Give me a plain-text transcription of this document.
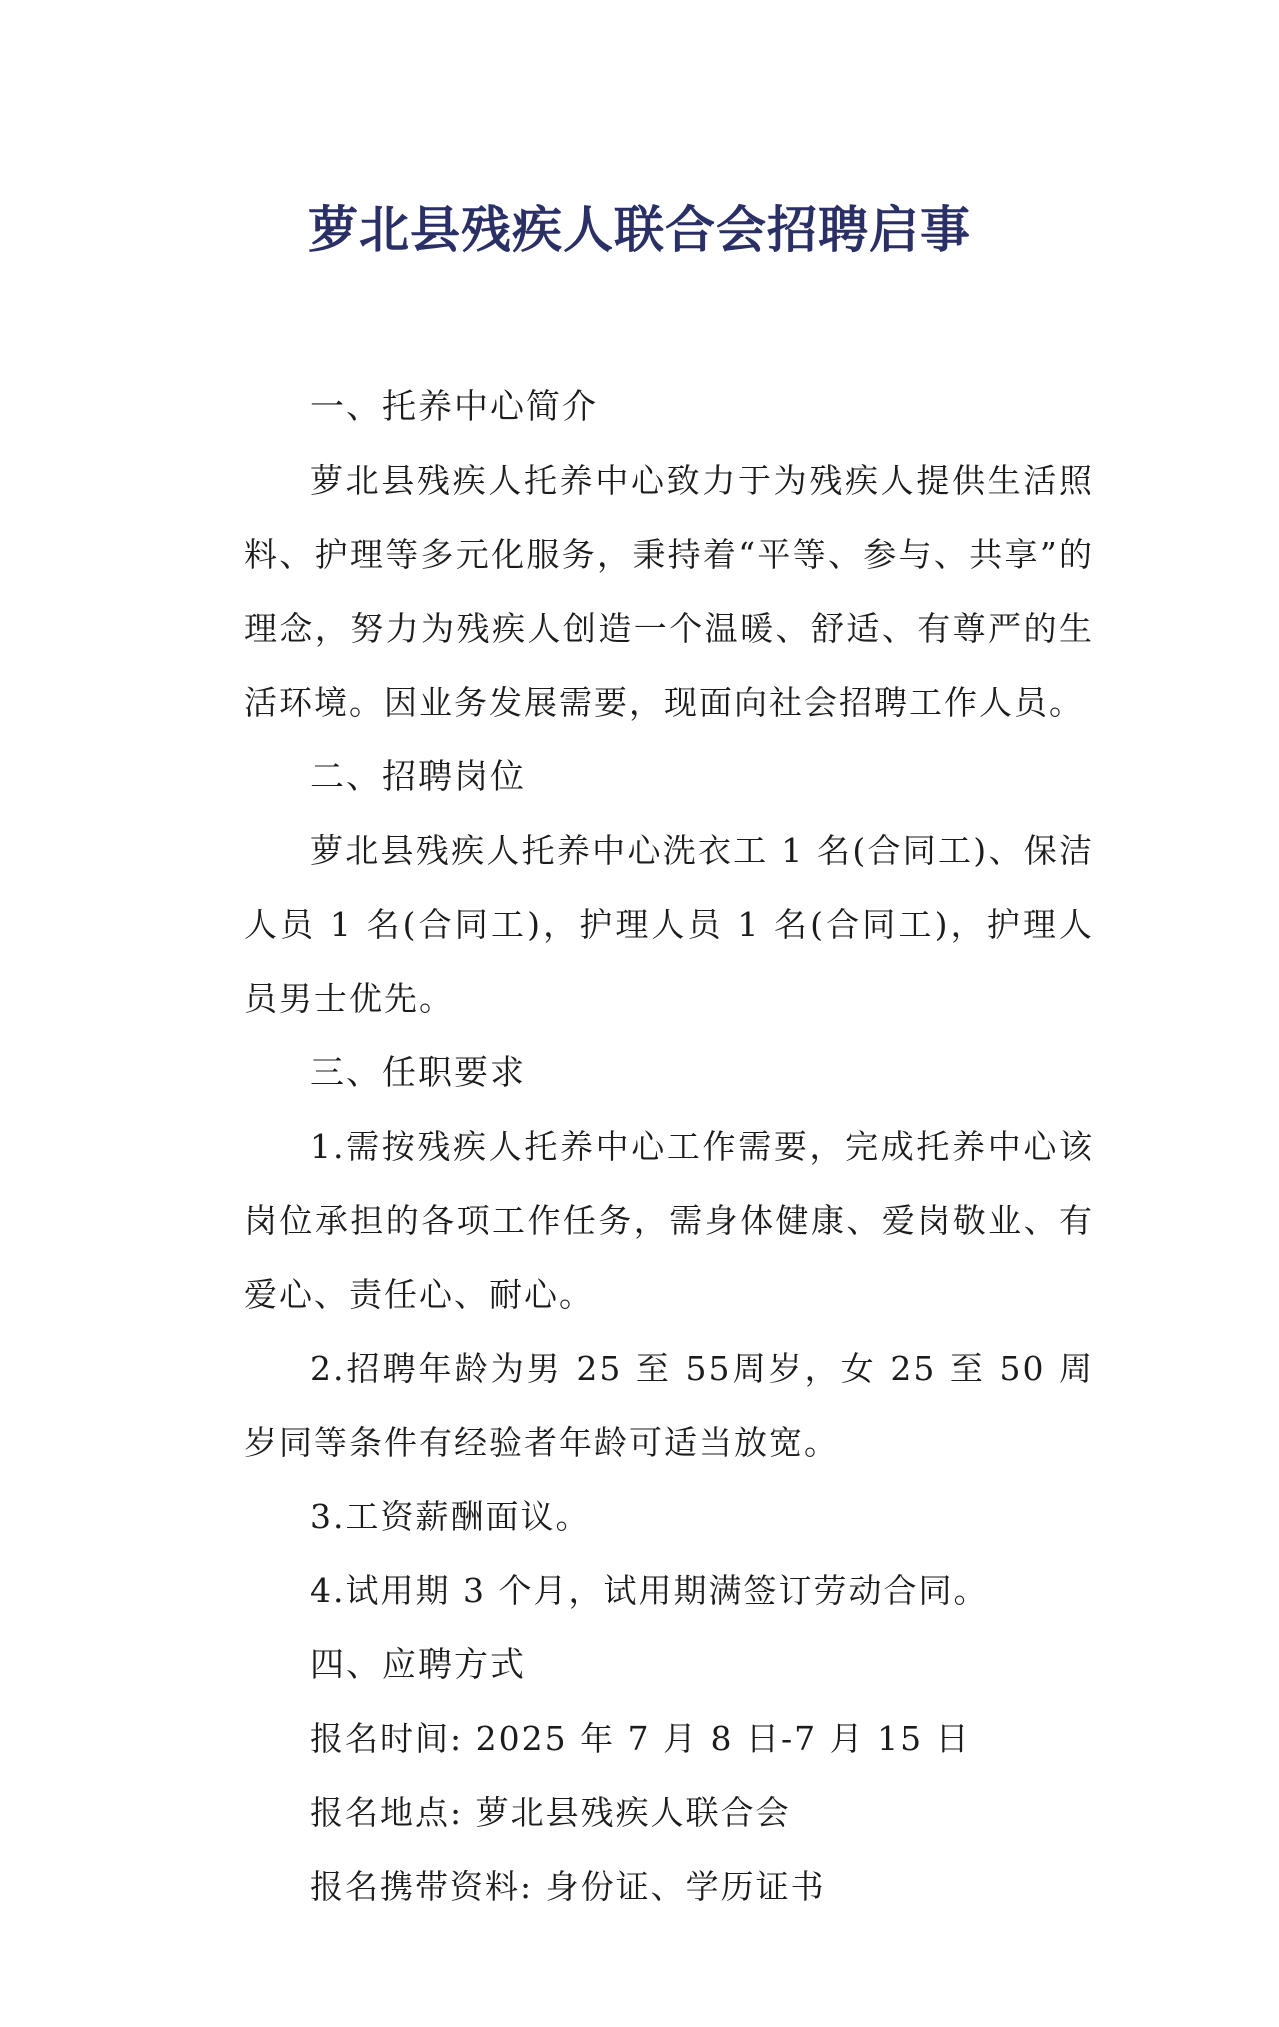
萝北县残疾人联合会招聘启事

一、托养中心简介

萝北县残疾人托养中心致力于为残疾人提供生活照料、护理等多元化服务，秉持着“平等、参与、共享”的理念，努力为残疾人创造一个温暖、舒适、有尊严的生活环境。因业务发展需要，现面向社会招聘工作人员。

二、招聘岗位

萝北县残疾人托养中心洗衣工 1 名(合同工)、保洁人员 1 名(合同工)，护理人员 1 名(合同工)，护理人员男士优先。

三、任职要求

1.需按残疾人托养中心工作需要，完成托养中心该岗位承担的各项工作任务，需身体健康、爱岗敬业、有爱心、责任心、耐心。

2.招聘年龄为男 25 至 55周岁，女 25 至 50 周岁同等条件有经验者年龄可适当放宽。

3.工资薪酬面议。

4.试用期 3 个月，试用期满签订劳动合同。

四、应聘方式

报名时间: 2025 年 7 月 8 日-7 月 15 日

报名地点: 萝北县残疾人联合会

报名携带资料: 身份证、学历证书
